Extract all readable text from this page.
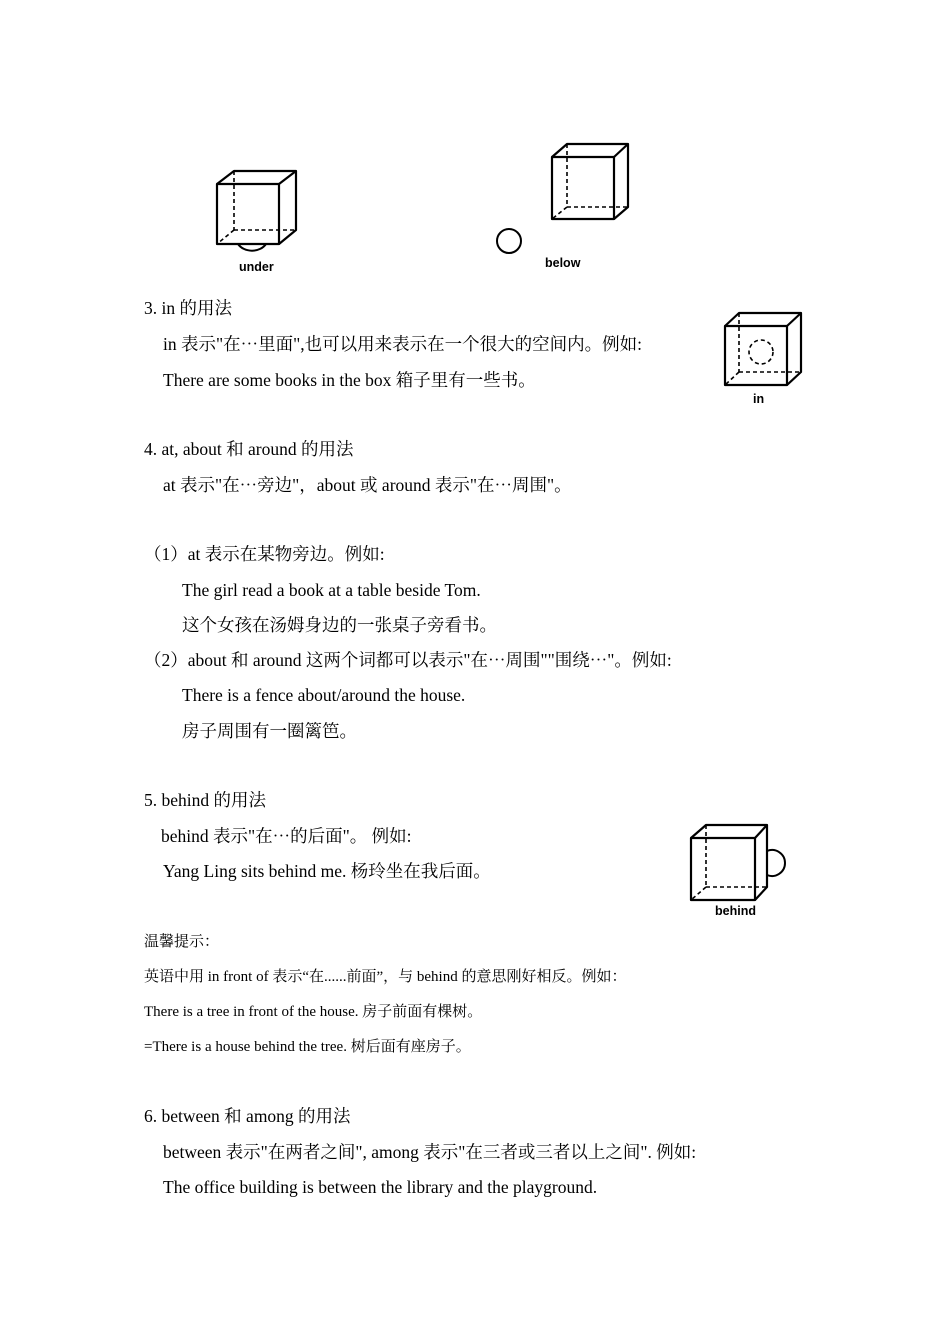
under	below
3. in 的用法
in 表示"在⋯里面",也可以用来表示在一个很大的空间内。例如:
There are some books in the box 箱子里有一些书。
in
4. at, about 和 around 的用法
at 表示"在⋯旁边"，about 或 around 表示"在⋯周围"。
（1）at 表示在某物旁边。例如:
The girl read a book at a table beside Tom.
这个女孩在汤姆身边的一张桌子旁看书。
（2）about 和 around 这两个词都可以表示"在⋯周围""围绕⋯"。例如:
There is a fence about/around the house.
房子周围有一圈篱笆。
5. behind 的用法
behind 表示"在⋯的后面"。 例如:
Yang Ling sits behind me. 杨玲坐在我后面。
behind
温馨提示：
英语中用 in front of 表示“在......前面”，与 behind 的意思刚好相反。例如：
There is a tree in front of the house. 房子前面有棵树。
=There is a house behind the tree. 树后面有座房子。
6. between 和 among 的用法
between 表示"在两者之间", among 表示"在三者或三者以上之间". 例如:
The office building is between the library and the playground.
